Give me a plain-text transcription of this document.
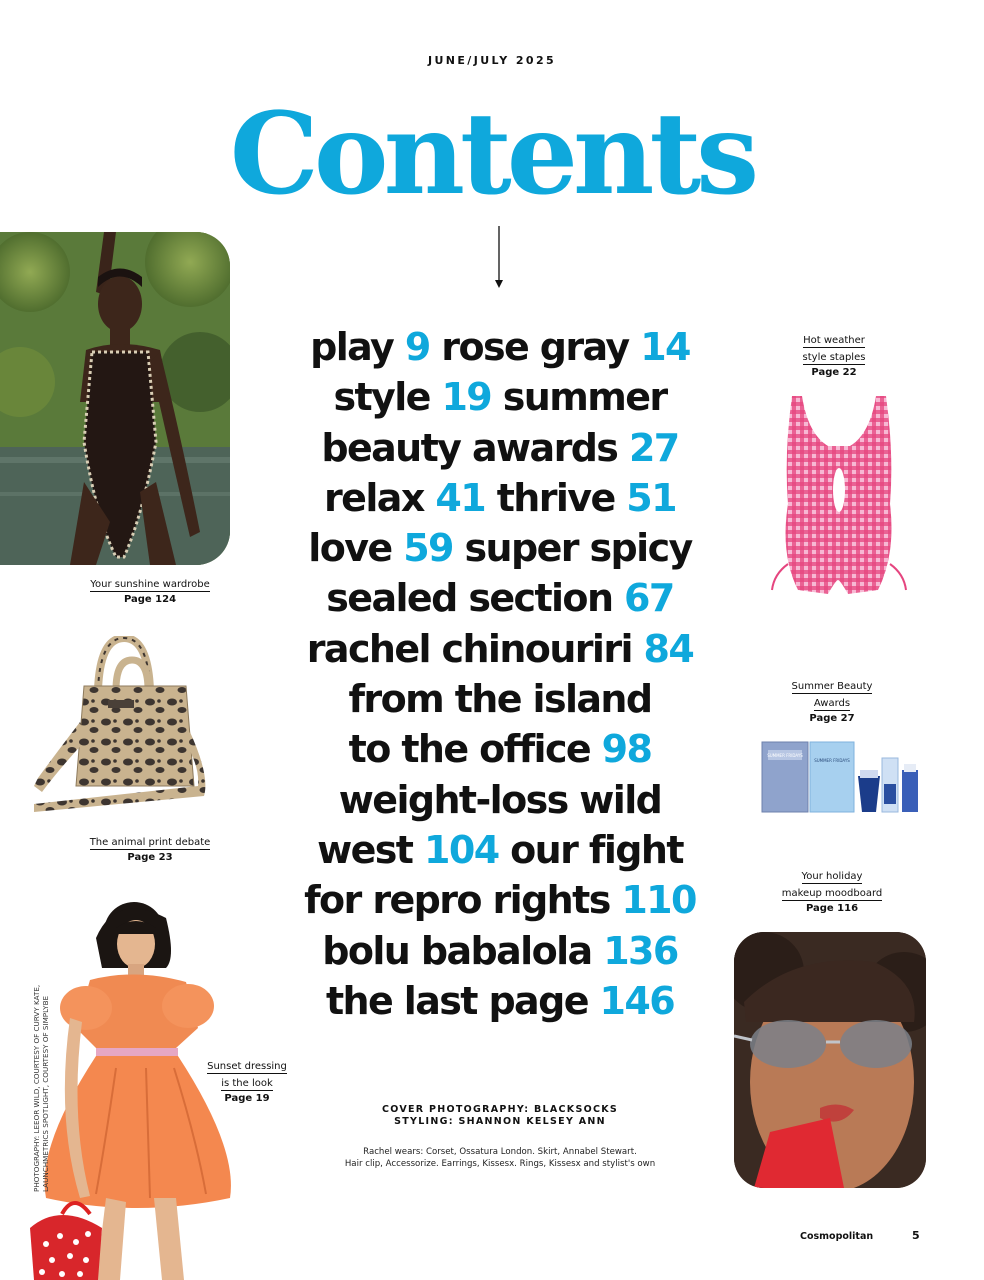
JUNE/JULY 2025
Contents
play 9 rose gray 14
style 19 summer
beauty awards 27
relax 41 thrive 51
love 59 super spicy
sealed section 67
rachel chinouriri 84
from the island
to the office 98
weight-loss wild
west 104 our fight
for repro rights 110
bolu babalola 136
the last page 146
Your sunshine wardrobe
Page 124
The animal print debate
Page 23
Sunset dressing
is the look
Page 19
Hot weather
style staples
Page 22
Summer Beauty
Awards
Page 27
SUMMER FRIDAYS
SUMMER FRIDAYS
Your holiday
makeup moodboard
Page 116
COVER PHOTOGRAPHY: BLACKSOCKS
STYLING: SHANNON KELSEY ANN
Rachel wears: Corset, Ossatura London. Skirt, Annabel Stewart.
Hair clip, Accessorize. Earrings, Kissesx. Rings, Kissesx and stylist's own
PHOTOGRAPHY: LEEOR WILD, COURTESY OF CURVY KATE, LAUNCHMETRICS SPOTLIGHT, COURTESY OF SIMPLYBE
Cosmopolitan	5
